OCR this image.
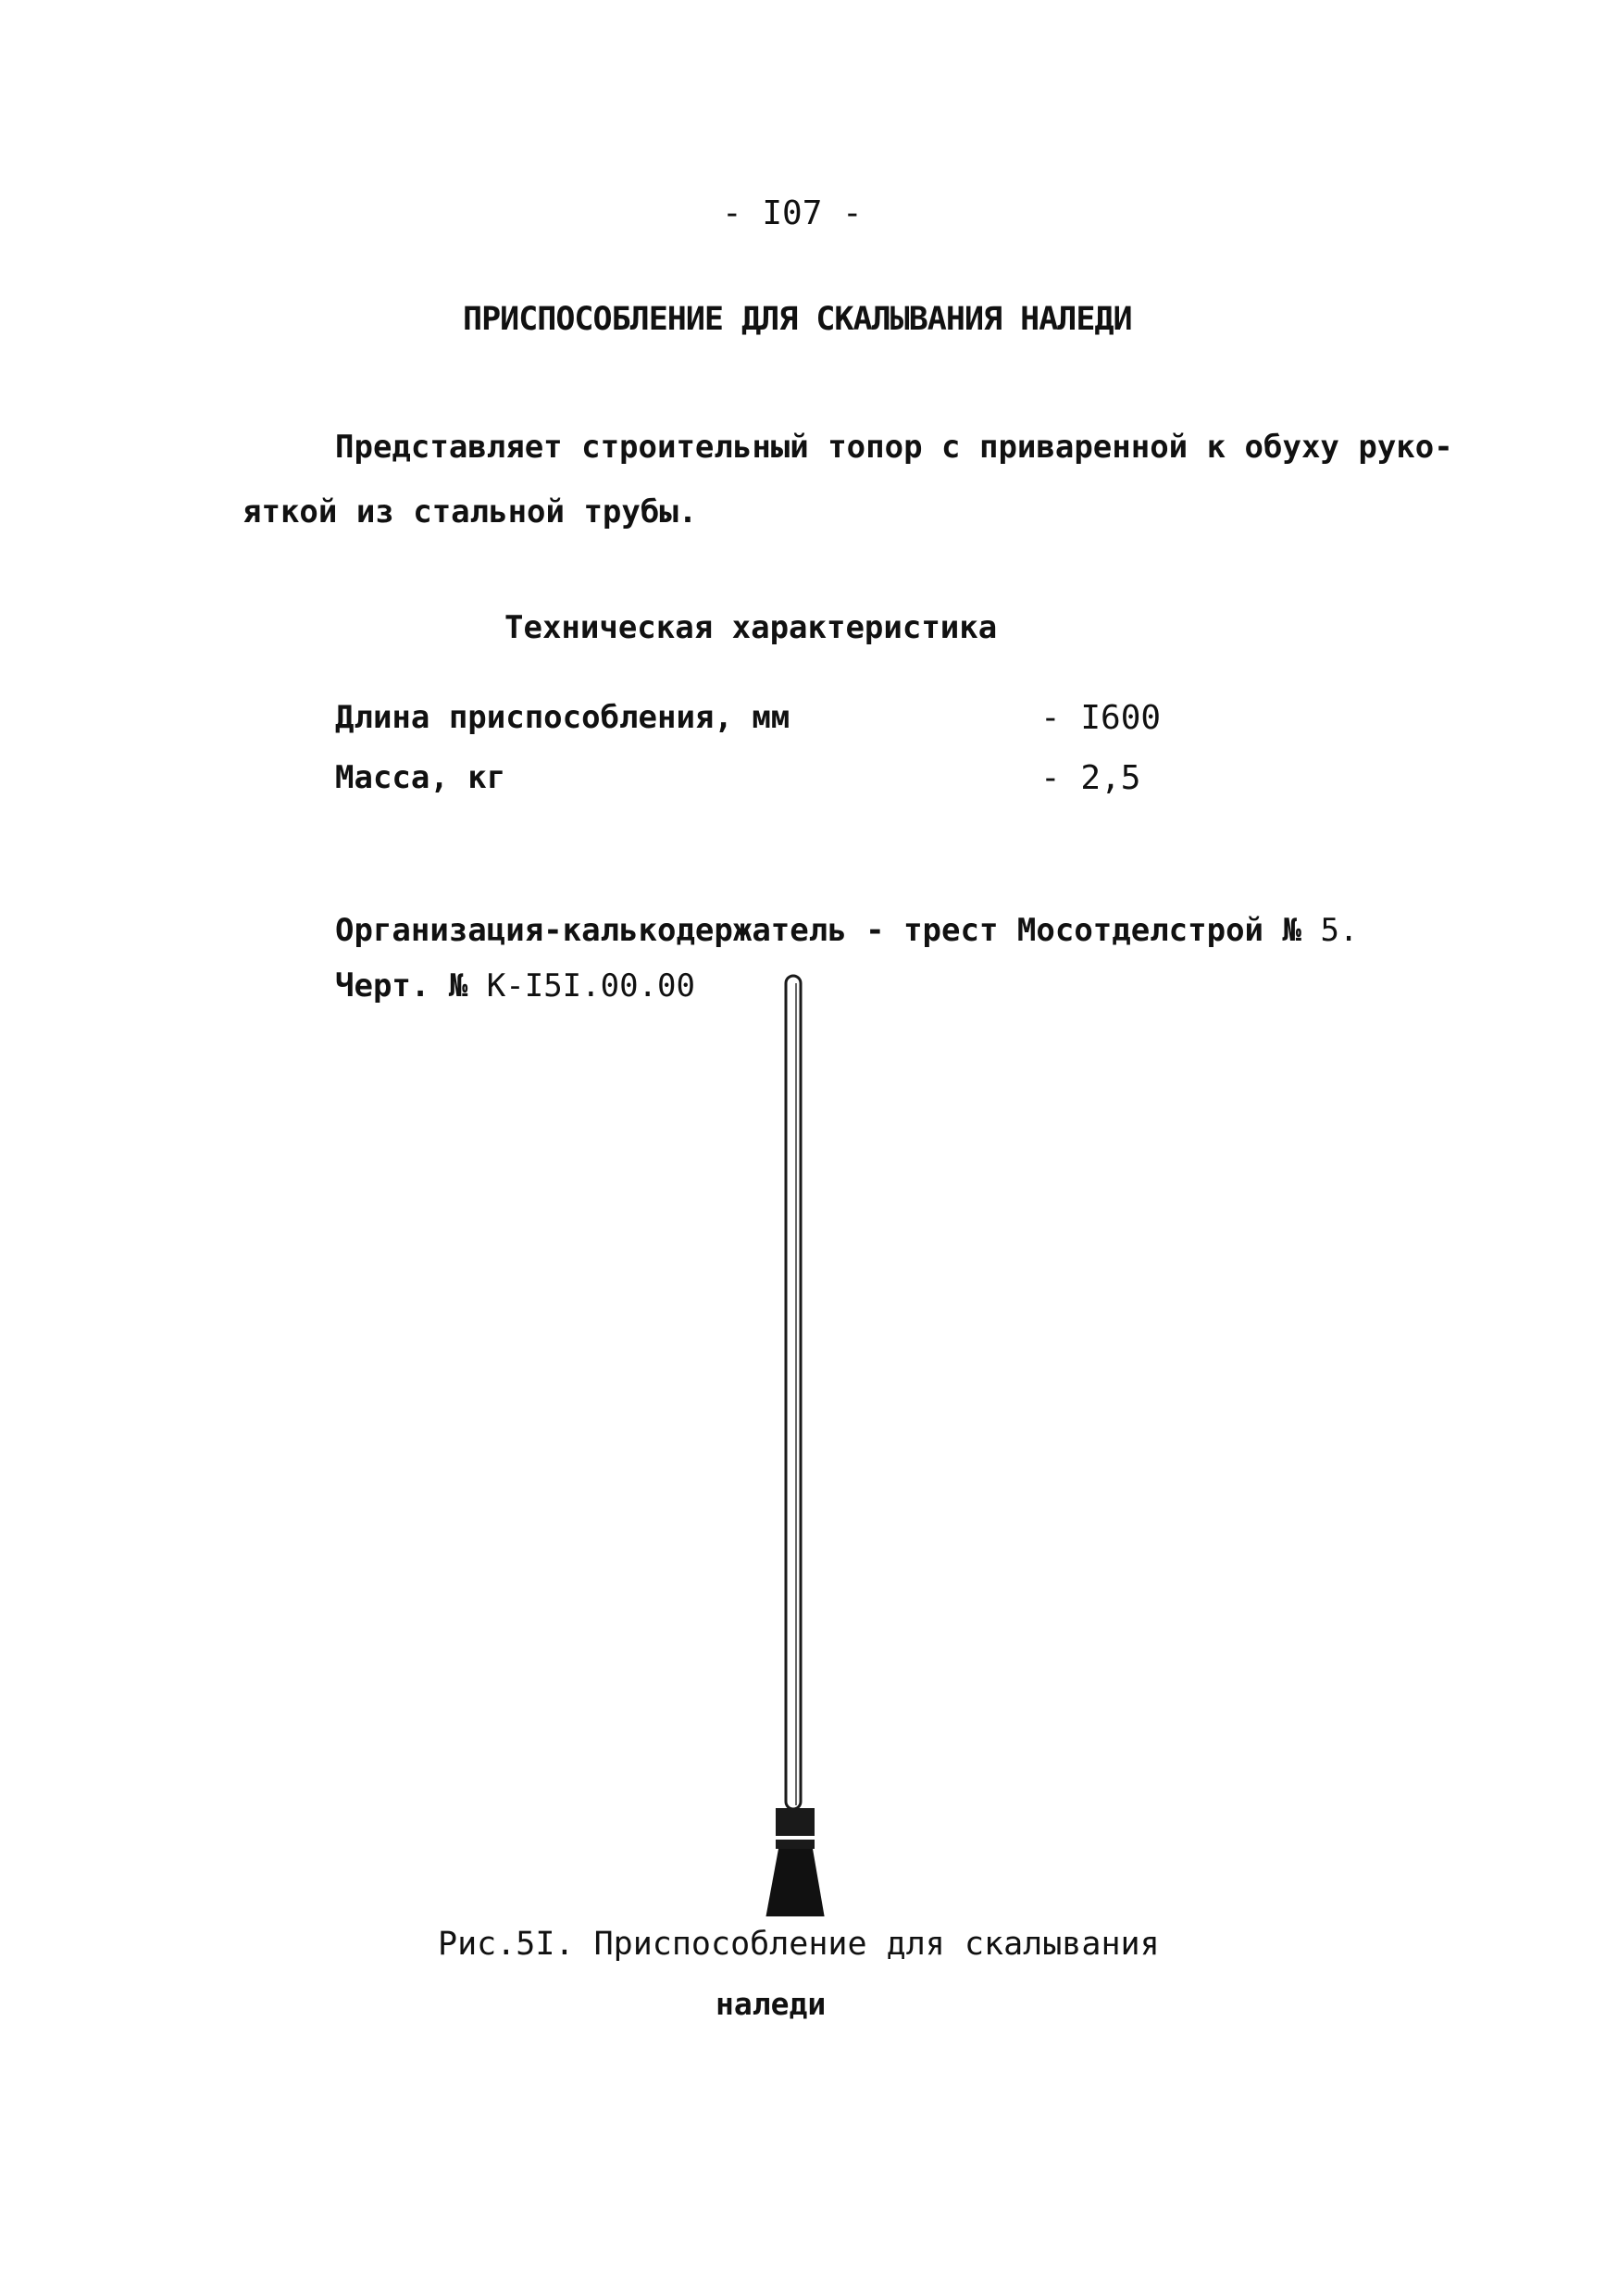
- I07 -
ПРИСПОСОБЛЕНИЕ ДЛЯ СКАЛЫВАНИЯ НАЛЕДИ
Представляет строительный топор с приваренной к обуху руко-
яткой из стальной трубы.
Техническая характеристика
Длина приспособления, мм	- I600
Масса, кг	- 2,5
Организация-калькодержатель - трест Мосотделстрой № 5.
Черт. № К-I5I.00.00
Рис.5I. Приспособление для скалывания
наледи
